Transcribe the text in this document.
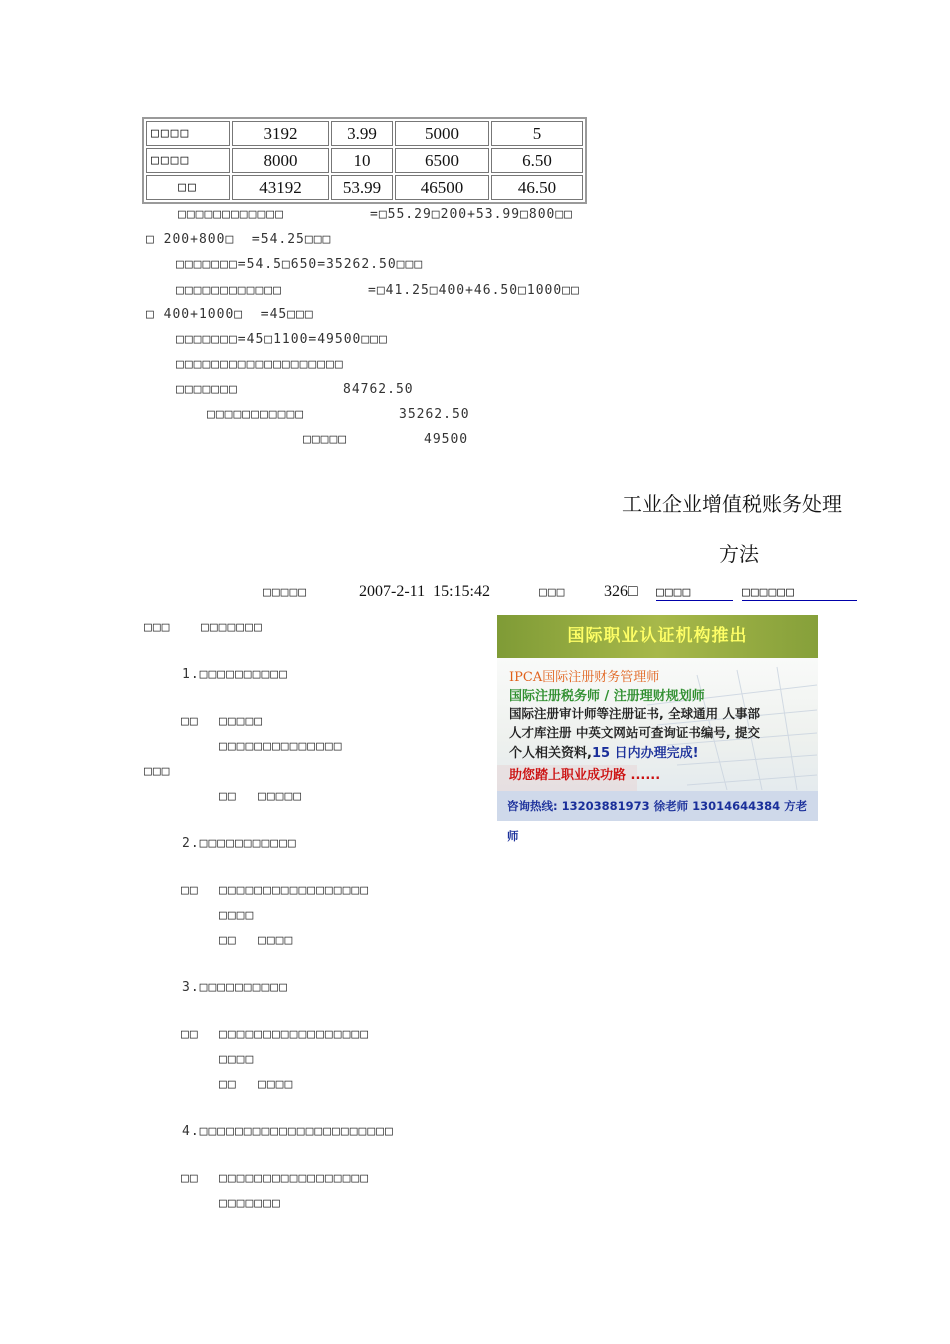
□□□□	3192	3.99	5000	5
□□□□	8000	10	6500	6.50
□□	43192	53.99	46500	46.50
□□□□□□□□□□□□	=□55.29□200+53.99□800□□
□ 200+800□  =54.25□□□
□□□□□□□=54.5□650=35262.50□□□
□□□□□□□□□□□□	=□41.25□400+46.50□1000□□
□ 400+1000□  =45□□□
□□□□□□□=45□1100=49500□□□
□□□□□□□□□□□□□□□□□□□
□□□□□□□	84762.50
□□□□□□□□□□□	35262.50
□□□□□	49500
工业企业增值税账务处理
方法
□□□□□	2007-2-11  15:15:42	□□□ 326□ □□□□	□□□□□□
□□□ □□□□□□□
1.□□□□□□□□□□
□□ □□□□□
□□□□□□□□□□□□□□
□□□
□□ □□□□□
2.□□□□□□□□□□□
□□ □□□□□□□□□□□□□□□□□
□□□□
□□ □□□□
3.□□□□□□□□□□
□□ □□□□□□□□□□□□□□□□□
□□□□
□□ □□□□
4.□□□□□□□□□□□□□□□□□□□□□□
□□ □□□□□□□□□□□□□□□□□
□□□□□□□
国际职业认证机构推出
IPCA国际注册财务管理师
国际注册税务师 / 注册理财规划师
国际注册审计师等注册证书, 全球通用 人事部
人才库注册 中英文网站可查询证书编号, 提交
个人相关资料,15 日内办理完成!
助您踏上职业成功路 ......
咨询热线: 13203881973 徐老师 13014644384 方老师
